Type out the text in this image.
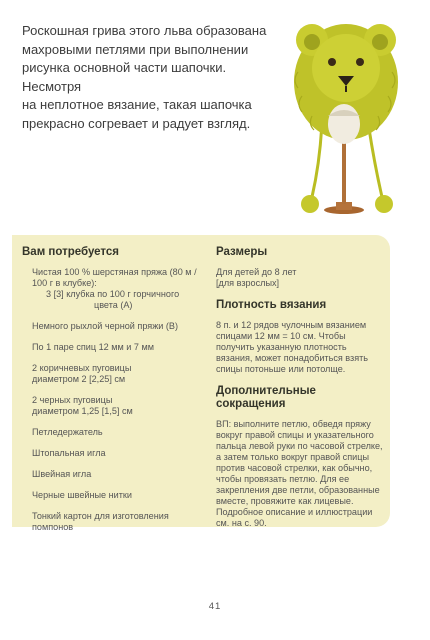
Роскошная грива этого льва образована
махровыми петлями при выполнении
рисунка основной части шапочки. Несмотря
на неплотное вязание, такая шапочка
прекрасно согревает и радует взгляд.
Вам потребуется
Чистая 100 % шерстяная пряжа (80 м /
100 г в клубке):
3 [3] клубка по 100 г горчичного
цвета (A)
Немного рыхлой черной пряжи (B)
По 1 паре спиц 12 мм и 7 мм
2 коричневых пуговицы
диаметром 2 [2,25] см
2 черных пуговицы
диаметром 1,25 [1,5] см
Петледержатель
Штопальная игла
Швейная игла
Черные швейные нитки
Тонкий картон для изготовления
помпонов
Размеры
Для детей до 8 лет
[для взрослых]
Плотность вязания
8 п. и 12 рядов чулочным вязанием
спицами 12 мм = 10 см. Чтобы
получить указанную плотность
вязания, может понадобиться взять
спицы потоньше или потолще.
Дополнительные сокращения
ВП: выполните петлю, обведя пряжу
вокруг правой спицы и указательного
пальца левой руки по часовой стрелке,
а затем только вокруг правой спицы
против часовой стрелки, как обычно,
чтобы провязать петлю. Для ее
закрепления две петли, образованные
вместе, провяжите как лицевые.
Подробное описание и иллюстрации
см. на с. 90.
41
